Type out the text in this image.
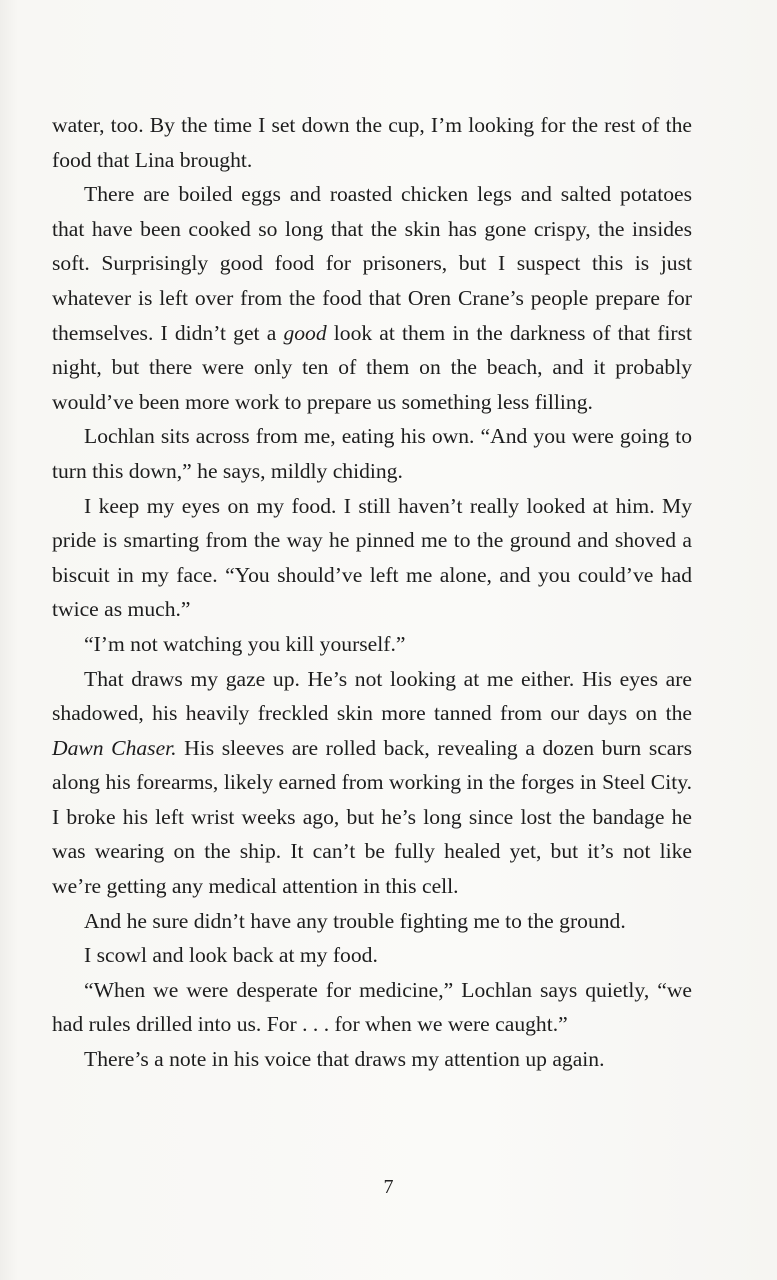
water, too. By the time I set down the cup, I’m looking for the rest of the food that Lina brought.

There are boiled eggs and roasted chicken legs and salted potatoes that have been cooked so long that the skin has gone crispy, the insides soft. Surprisingly good food for prisoners, but I suspect this is just whatever is left over from the food that Oren Crane’s people prepare for themselves. I didn’t get a good look at them in the darkness of that first night, but there were only ten of them on the beach, and it probably would’ve been more work to prepare us something less filling.

Lochlan sits across from me, eating his own. “And you were going to turn this down,” he says, mildly chiding.

I keep my eyes on my food. I still haven’t really looked at him. My pride is smarting from the way he pinned me to the ground and shoved a biscuit in my face. “You should’ve left me alone, and you could’ve had twice as much.”

“I’m not watching you kill yourself.”

That draws my gaze up. He’s not looking at me either. His eyes are shadowed, his heavily freckled skin more tanned from our days on the Dawn Chaser. His sleeves are rolled back, revealing a dozen burn scars along his forearms, likely earned from working in the forges in Steel City. I broke his left wrist weeks ago, but he’s long since lost the bandage he was wearing on the ship. It can’t be fully healed yet, but it’s not like we’re getting any medical attention in this cell.

And he sure didn’t have any trouble fighting me to the ground.

I scowl and look back at my food.

“When we were desperate for medicine,” Lochlan says quietly, “we had rules drilled into us. For . . . for when we were caught.”

There’s a note in his voice that draws my attention up again.

7
